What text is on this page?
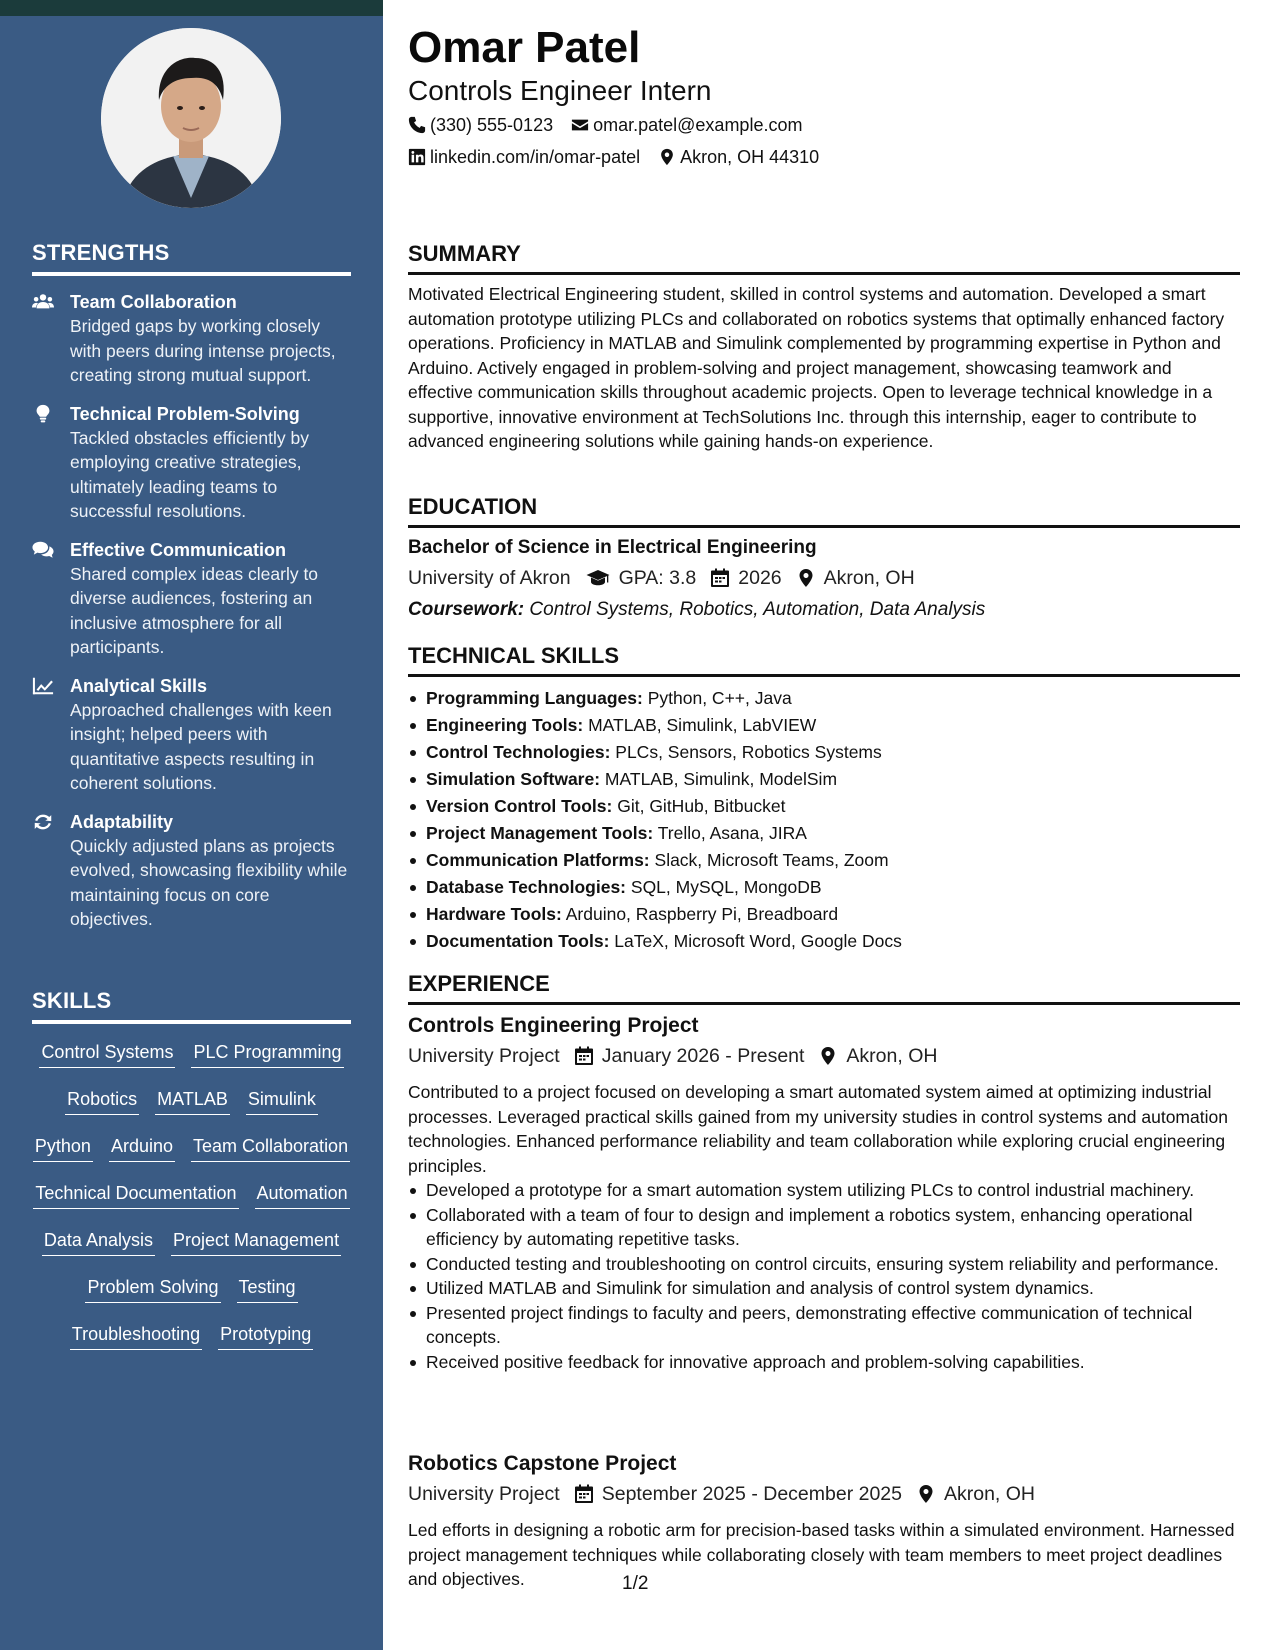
STRENGTHS
Team Collaboration
Bridged gaps by working closely with peers during intense projects, creating strong mutual support.
Technical Problem-Solving
Tackled obstacles efficiently by employing creative strategies, ultimately leading teams to successful resolutions.
Effective Communication
Shared complex ideas clearly to diverse audiences, fostering an inclusive atmosphere for all participants.
Analytical Skills
Approached challenges with keen insight; helped peers with quantitative aspects resulting in coherent solutions.
Adaptability
Quickly adjusted plans as projects evolved, showcasing flexibility while maintaining focus on core objectives.
SKILLS
Control Systems PLC Programming
Robotics MATLAB Simulink
Python Arduino Team Collaboration
Technical Documentation Automation
Data Analysis Project Management
Problem Solving Testing
Troubleshooting Prototyping
Omar Patel
Controls Engineer Intern
(330) 555-0123 omar.patel@example.com
linkedin.com/in/omar-patel Akron, OH 44310
SUMMARY
Motivated Electrical Engineering student, skilled in control systems and automation. Developed a smart automation prototype utilizing PLCs and collaborated on robotics systems that optimally enhanced factory operations. Proficiency in MATLAB and Simulink complemented by programming expertise in Python and Arduino. Actively engaged in problem-solving and project management, showcasing teamwork and effective communication skills throughout academic projects. Open to leverage technical knowledge in a supportive, innovative environment at TechSolutions Inc. through this internship, eager to contribute to advanced engineering solutions while gaining hands-on experience.
EDUCATION
Bachelor of Science in Electrical Engineering
University of Akron GPA: 3.8 2026 Akron, OH
Coursework: Control Systems, Robotics, Automation, Data Analysis
TECHNICAL SKILLS
Programming Languages: Python, C++, Java
Engineering Tools: MATLAB, Simulink, LabVIEW
Control Technologies: PLCs, Sensors, Robotics Systems
Simulation Software: MATLAB, Simulink, ModelSim
Version Control Tools: Git, GitHub, Bitbucket
Project Management Tools: Trello, Asana, JIRA
Communication Platforms: Slack, Microsoft Teams, Zoom
Database Technologies: SQL, MySQL, MongoDB
Hardware Tools: Arduino, Raspberry Pi, Breadboard
Documentation Tools: LaTeX, Microsoft Word, Google Docs
EXPERIENCE
Controls Engineering Project
University Project January 2026 - Present Akron, OH
Contributed to a project focused on developing a smart automated system aimed at optimizing industrial processes. Leveraged practical skills gained from my university studies in control systems and automation technologies. Enhanced performance reliability and team collaboration while exploring crucial engineering principles.
Developed a prototype for a smart automation system utilizing PLCs to control industrial machinery.
Collaborated with a team of four to design and implement a robotics system, enhancing operational efficiency by automating repetitive tasks.
Conducted testing and troubleshooting on control circuits, ensuring system reliability and performance.
Utilized MATLAB and Simulink for simulation and analysis of control system dynamics.
Presented project findings to faculty and peers, demonstrating effective communication of technical concepts.
Received positive feedback for innovative approach and problem-solving capabilities.
Robotics Capstone Project
University Project September 2025 - December 2025 Akron, OH
Led efforts in designing a robotic arm for precision-based tasks within a simulated environment. Harnessed project management techniques while collaborating closely with team members to meet project deadlines and objectives.	1/2
